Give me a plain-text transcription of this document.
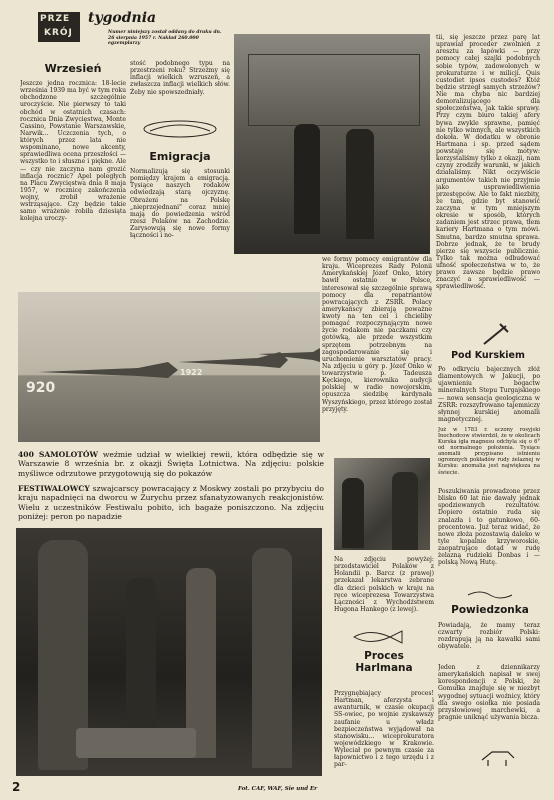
PRZE
KRÓJ
tygodnia
Numer niniejszy został oddany do druku dn. 26 sierpnia 1957 r. Nakład 260.000 egzemplarzy
Wrzesień
Jeszcze jedna rocznica: 18-lecie września 1939 ma być w tym roku obchodzone szczególnie uroczyście. Nie pierwszy to taki obchód w ostatnich czasach: rocznica Dnia Zwycięstwa, Monte Cassino, Powstanie Warszawskie, Narwik... Uczczenia tych, o których przez lata nie wspominano, nowe akcenty, sprawiedliwa ocena przeszłości — wszystko to i słuszne i piękne. Ale — czy nie zaczyna nam grozić inflacja rocznic? Apel poległych na Placu Zwycięstwa dnia 8 maja 1957, w rocznicę zakończenia wojny, zrobił wrażenie wstrząsające. Czy będzie takie samo wrażenie robiła dziesiąta kolejna uroczy-
stość podobnego typu na przestrzeni roku? Strzeżmy się inflacji wielkich wzruszeń, a zwłaszcza inflacji wielkich słów. Żeby nie spowszedniały.
Emigracja
Normalizują się stosunki pomiędzy krajem a emigracją. Tysiące naszych rodaków odwiedzają starą ojczyznę. Obrażeni na Polskę „nieprzejednani" coraz mniej mają do powiedzenia wśród rzesz Polaków na Zachodzie. Zarysowują się nowe formy łączności i no-
tii, się jeszcze przez parę lat uprawiał proceder zwolnień z aresztu za łapówki — przy pomocy całej szajki podobnych sobie typów, zadowolonych w prokuraturze i w milicji. Quis custodiet ipsos custodes? Któż będzie strzegł samych strzeżów? Nie ma chyba nic bardziej demoralizującego dla społeczeństwa, jak takie sprawy. Przy czym biuro takiej afery bywa zwykle sprawne, pamięć nie tylko winnych, ale wszystkich dokoła. W dodatku w obronie Hartmana i sp. przed sądem powstaje się motyw: korzystaliśmy tylko z okazji, nam czyny zrodziły warunki, w jakich działaliśmy. Nikt oczywiście argumentów takich nie przyjmie jako usprawiedliwienia przestępców. Ale to fakt niezbity, że tam, gdzie byt stanowić zaczyna w tym mniejszym okresie w sposób, których zadaniem jest strzec prawa, tłem kariery Hartmana o tym mówi. Smutna, bardzo smutna sprawa. Dobrze jednak, że te brudy pierze się wszyscie publicznie. Tylko tak można odbudować ufność społeczeństwa w to, że prawo zawsze będzie prawo znaczyć a sprawiedliwość — sprawiedliwość.
920
1922
we formy pomocy emigrantów dla kraju. Wiceprezes Rady Polonii Amerykańskiej Józef Onko, który bawił ostatnio w Polsce, interesował się szczególnie sprawą pomocy dla repatriantów powracających z ZSRR. Polacy amerykańscy zbierają poważne kwoty na ten cel i chcieliby pomagać rozpoczynającym nowe życie rodakom nie paczkami czy gotówką, ale przede wszystkim sprzętem potrzebnym na zagospodarowanie się i uruchomienie warsztatów pracy. Na zdjęciu u góry p. Józef Onko w towarzystwie p. Tadeusza Kęckiego, kierownika audycji polskiej w radio nowojorskim, opuszcza siedzibę kardynała Wyszyńskiego, przez którego został przyjęty.
400 SAMOLOTÓW weźmie udział w wielkiej rewii, która odbędzie się w Warszawie 8 września br. z okazji Święta Lotnictwa. Na zdjęciu: polskie myśliwce odrzutowe przygotowują się do pokazów
FESTIWALOWCY szwajcarscy powracający z Moskwy zostali po przybyciu do kraju napadnięci na dworcu w Zurychu przez sfanatyzowanych reakcjonistów. Wielu z uczestników Festiwalu pobito, ich bagaże poniszczono. Na zdjęciu poniżej: peron po napadzie
Na zdjęciu powyżej: przedstawiciel Polaków z Holandii p. Barcz (z prawej) przekazał lekarstwa zebrane dla dzieci polskich w kraju na ręce wiceprezesa Towarzystwa Łączności z Wychodźstwem Hugona Hankego (z lewej).
Pod Kurskiem
Po odkryciu bajecznych złóż diamentowych w Jakucji, po ujawnieniu bogactw mineralnych Stepu Turgajskiego — nowa sensacja geologiczna w ZSRR: rozszyfrowano tajemniczy słynnej kurskiej anomalii magnetycznej.
Już w 1783 r. uczony rosyjski Inochodcow stwierdził, że w okolicach Kurska igła magnesu odchyla się o 6° od normalnego położenia. Tysiące anomalii przypisano istnieniu ogromnych pokładów rudy żelaznej w Kursku: anomalia jest największa na świecie.
Poszukiwania prowadzone przez blisko 60 lat nie dawały jednak spodziewanych rezultatów. Dopiero ostatnio ruda się znalazła i to gatunkowo, 60-procentowa. Już teraz widać, że nowe złoża pozostawią daleko w tyle kopalnie krzyworoskie, zaopatrujące dotąd w rudę żelazną rudzieki Donbas i — polską Nową Hutę.
Powiedzonka
Powiadają, że mamy teraz czwarty rozbiór Polski: rozdrapują ją na kawałki sami obywatele.
Jeden z dziennikarzy amerykańskich napisał w swej korespondencji z Polski, że Gomułka znajduje się w niezbyt wygodnej sytuacji woźnicy, który dla swego osiołka nie posiada przysłowiowej marchewki, a pragnie uniknąć używania bicza.
Proces Harlmana
Przygnębiający proces! Hartman, aferzysta i awanturnik, w czasie okupacji SS-owiec, po wojnie zyskawszy zaufanie u władz bezpieczeństwa wyjądował na stanowisku... wiceprokuratora wojewódzkiego w Krakowie. Wyleciał po pewnym czasie za łapownictwo i z tego urzędu i z par-
2	Fot. CAF, WAF, Sie und Er
